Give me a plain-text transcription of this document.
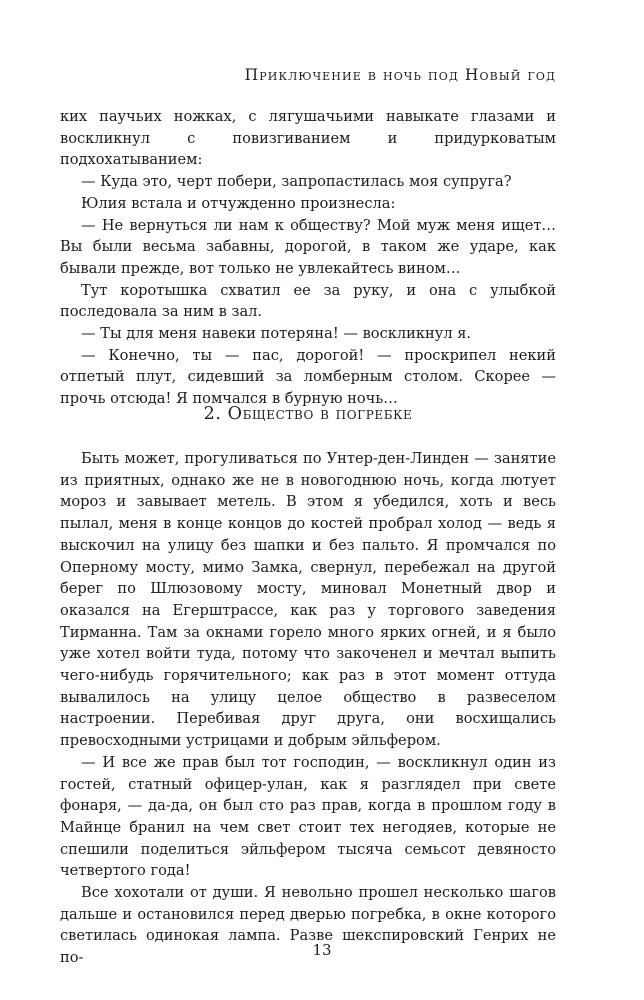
Приключение в ночь под Новый год

ких паучьих ножках, с лягушачьими навыкате глазами и воскликнул с повизгиванием и придурковатым подхохатыванием:

— Куда это, черт побери, запропастилась моя супруга?

Юлия встала и отчужденно произнесла:

— Не вернуться ли нам к обществу? Мой муж меня ищет… Вы были весьма забавны, дорогой, в таком же ударе, как бывали прежде, вот только не увлекайтесь вином…

Тут коротышка схватил ее за руку, и она с улыбкой последовала за ним в зал.

— Ты для меня навеки потеряна! — воскликнул я.

— Конечно, ты — пас, дорогой! — проскрипел некий отпетый плут, сидевший за ломберным столом. Скорее — прочь отсюда! Я помчался в бурную ночь…

2. Общество в погребке

Быть может, прогуливаться по Унтер-ден-Линден — занятие из приятных, однако же не в новогоднюю ночь, когда лютует мороз и завывает метель. В этом я убедился, хоть и весь пылал, меня в конце концов до костей пробрал холод — ведь я выскочил на улицу без шапки и без пальто. Я промчался по Оперному мосту, мимо Замка, свернул, перебежал на другой берег по Шлюзовому мосту, миновал Монетный двор и оказался на Егерштрассе, как раз у торгового заведения Тирманна. Там за окнами горело много ярких огней, и я было уже хотел войти туда, потому что закоченел и мечтал выпить чего-нибудь горячительного; как раз в этот момент оттуда вывалилось на улицу целое общество в развеселом настроении. Перебивая друг друга, они восхищались превосходными устрицами и добрым эйльфером.

— И все же прав был тот господин, — воскликнул один из гостей, статный офицер-улан, как я разглядел при свете фонаря, — да-да, он был сто раз прав, когда в прошлом году в Майнце бранил на чем свет стоит тех негодяев, которые не спешили поделиться эйльфером тысяча семьсот девяносто четвертого года!

Все хохотали от души. Я невольно прошел несколько шагов дальше и остановился перед дверью погребка, в окне которого светилась одинокая лампа. Разве шекспировский Генрих не по-	13
